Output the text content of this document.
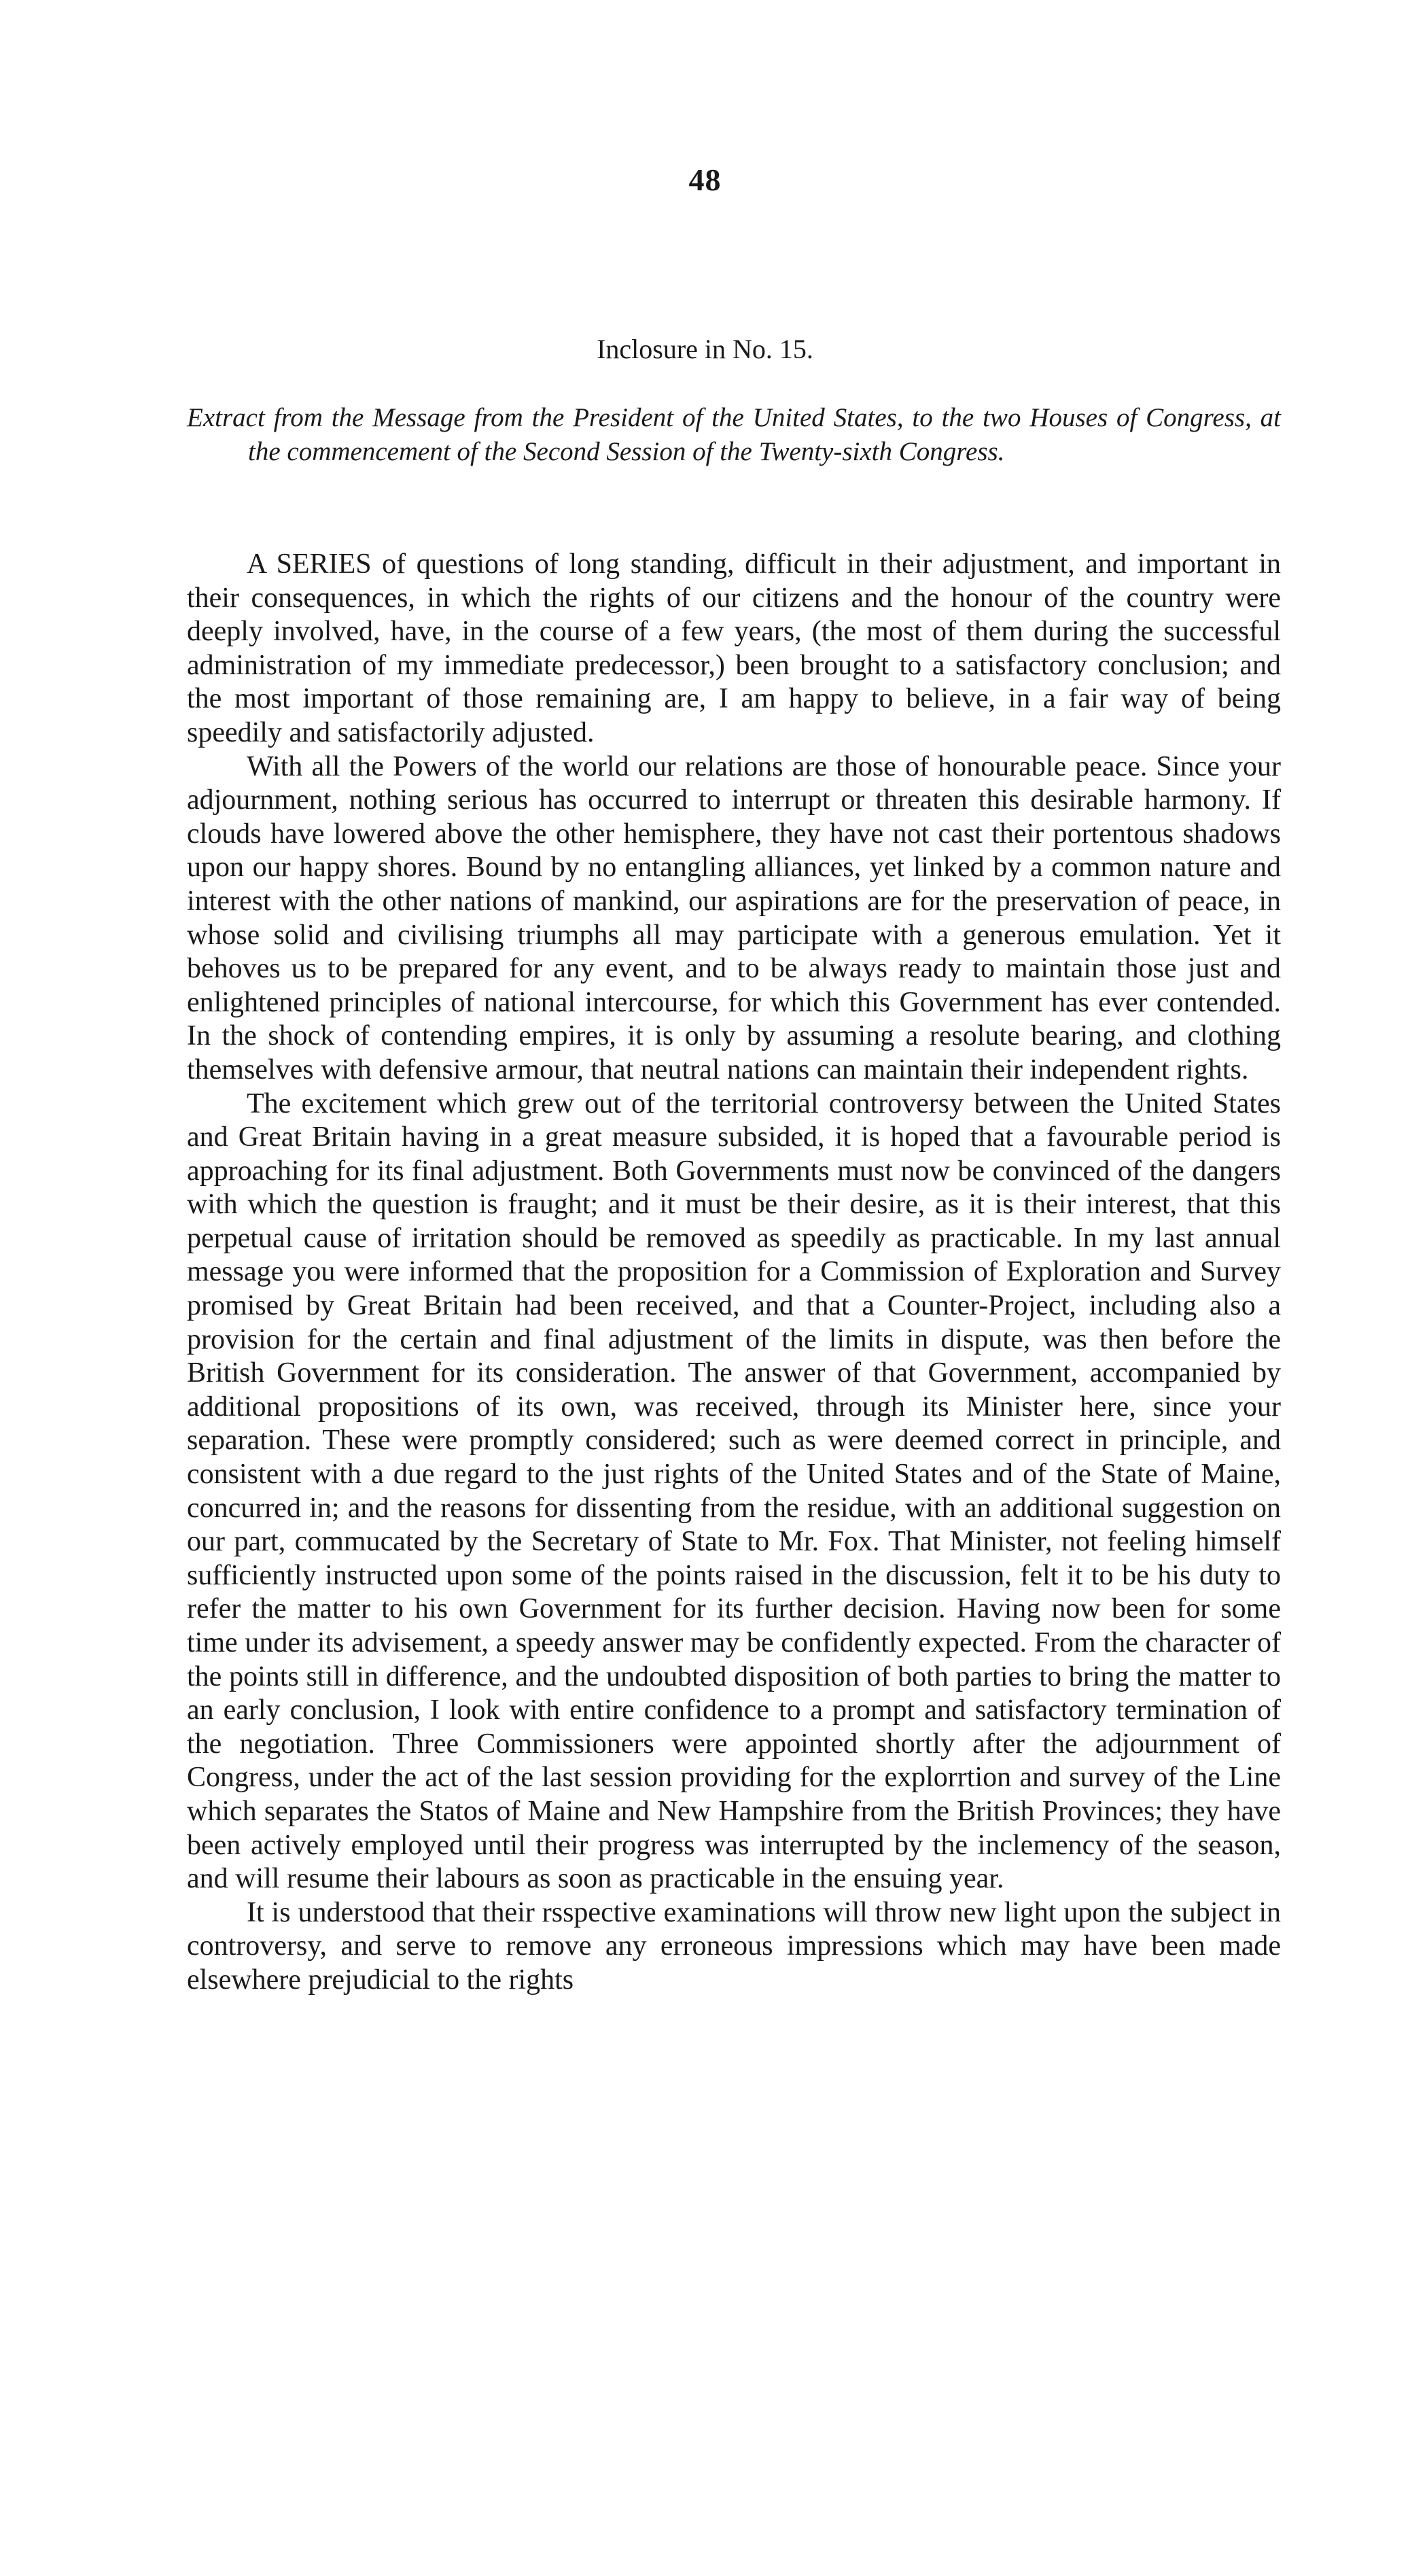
48
Inclosure in No. 15.
Extract from the Message from the President of the United States, to the two Houses of Congress, at the commencement of the Second Session of the Twenty-sixth Congress.

A SERIES of questions of long standing, difficult in their adjustment, and important in their consequences, in which the rights of our citizens and the honour of the country were deeply involved, have, in the course of a few years, (the most of them during the successful administration of my immediate predecessor,) been brought to a satisfactory conclusion; and the most important of those remaining are, I am happy to believe, in a fair way of being speedily and satisfactorily adjusted.

With all the Powers of the world our relations are those of honourable peace. Since your adjournment, nothing serious has occurred to interrupt or threaten this desirable harmony. If clouds have lowered above the other hemisphere, they have not cast their portentous shadows upon our happy shores. Bound by no entangling alliances, yet linked by a common nature and interest with the other nations of mankind, our aspirations are for the preservation of peace, in whose solid and civilising triumphs all may participate with a generous emulation. Yet it behoves us to be prepared for any event, and to be always ready to maintain those just and enlightened principles of national intercourse, for which this Government has ever contended. In the shock of contending empires, it is only by assuming a resolute bearing, and clothing themselves with defensive armour, that neutral nations can maintain their independent rights.

The excitement which grew out of the territorial controversy between the United States and Great Britain having in a great measure subsided, it is hoped that a favourable period is approaching for its final adjustment. Both Governments must now be convinced of the dangers with which the question is fraught; and it must be their desire, as it is their interest, that this perpetual cause of irritation should be removed as speedily as practicable. In my last annual message you were informed that the proposition for a Commission of Exploration and Survey promised by Great Britain had been received, and that a Counter-Project, including also a provision for the certain and final adjustment of the limits in dispute, was then before the British Government for its consideration. The answer of that Government, accompanied by additional propositions of its own, was received, through its Minister here, since your separation. These were promptly considered; such as were deemed correct in principle, and consistent with a due regard to the just rights of the United States and of the State of Maine, concurred in; and the reasons for dissenting from the residue, with an additional suggestion on our part, commucated by the Secretary of State to Mr. Fox. That Minister, not feeling himself sufficiently instructed upon some of the points raised in the discussion, felt it to be his duty to refer the matter to his own Government for its further decision. Having now been for some time under its advisement, a speedy answer may be confidently expected. From the character of the points still in difference, and the undoubted disposition of both parties to bring the matter to an early conclusion, I look with entire confidence to a prompt and satisfactory termination of the negotiation. Three Commissioners were appointed shortly after the adjournment of Congress, under the act of the last session providing for the explorrtion and survey of the Line which separates the Statos of Maine and New Hampshire from the British Provinces; they have been actively employed until their progress was interrupted by the inclemency of the season, and will resume their labours as soon as practicable in the ensuing year.

It is understood that their rsspective examinations will throw new light upon the subject in controversy, and serve to remove any erroneous impressions which may have been made elsewhere prejudicial to the rights
